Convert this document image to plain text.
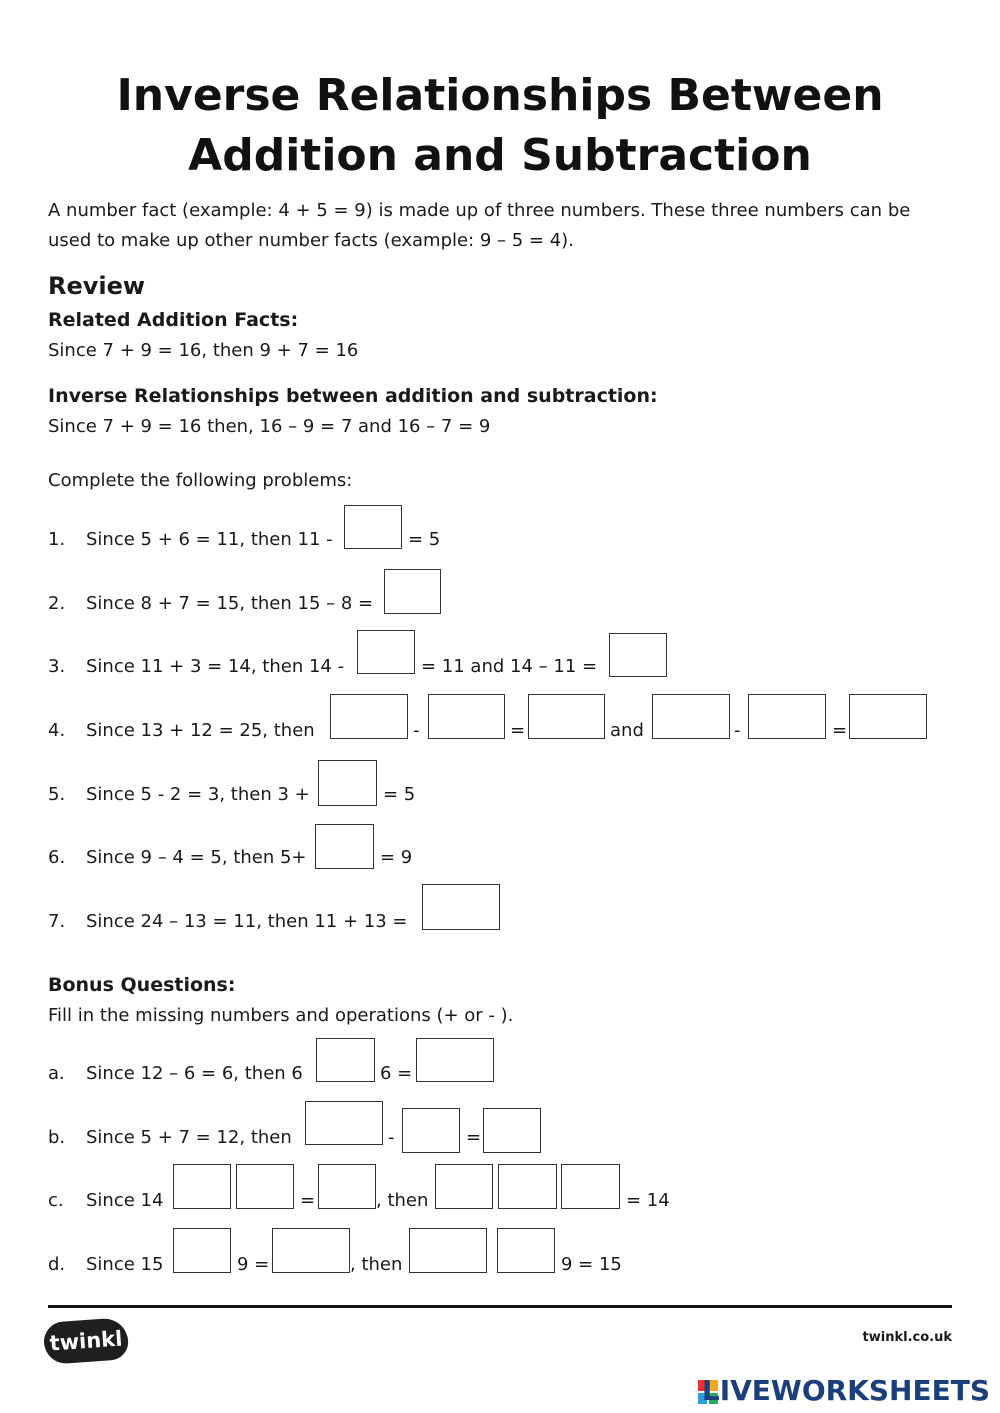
Inverse Relationships Between
Addition and Subtraction
A number fact (example: 4 + 5 = 9) is made up of three numbers. These three numbers can be used to make up other number facts (example: 9 – 5 = 4).
Review
Related Addition Facts:
Since 7 + 9 = 16, then 9 + 7 = 16
Inverse Relationships between addition and subtraction:
Since 7 + 9 = 16 then, 16 – 9 = 7 and 16 – 7 = 9
Complete the following problems:
1. Since 5 + 6 = 11, then 11 -	= 5
2. Since 8 + 7 = 15, then 15 – 8 =
3. Since 11 + 3 = 14, then 14 -	= 11 and 14 – 11 =
4. Since 13 + 12 = 25, then	-	=	and	-	=
5. Since 5 - 2 = 3, then 3 +	= 5
6. Since 9 – 4 = 5, then 5+	= 9
7. Since 24 – 13 = 11, then 11 + 13 =
Bonus Questions:
Fill in the missing numbers and operations (+ or - ).
a. Since 12 – 6 = 6, then 6	6 =
b. Since 5 + 7 = 12, then	-	=
c. Since 14	=	, then	= 14
d. Since 15	9 =	, then	9 = 15
twinkl	twinkl.co.uk
LIVEWORKSHEETS
